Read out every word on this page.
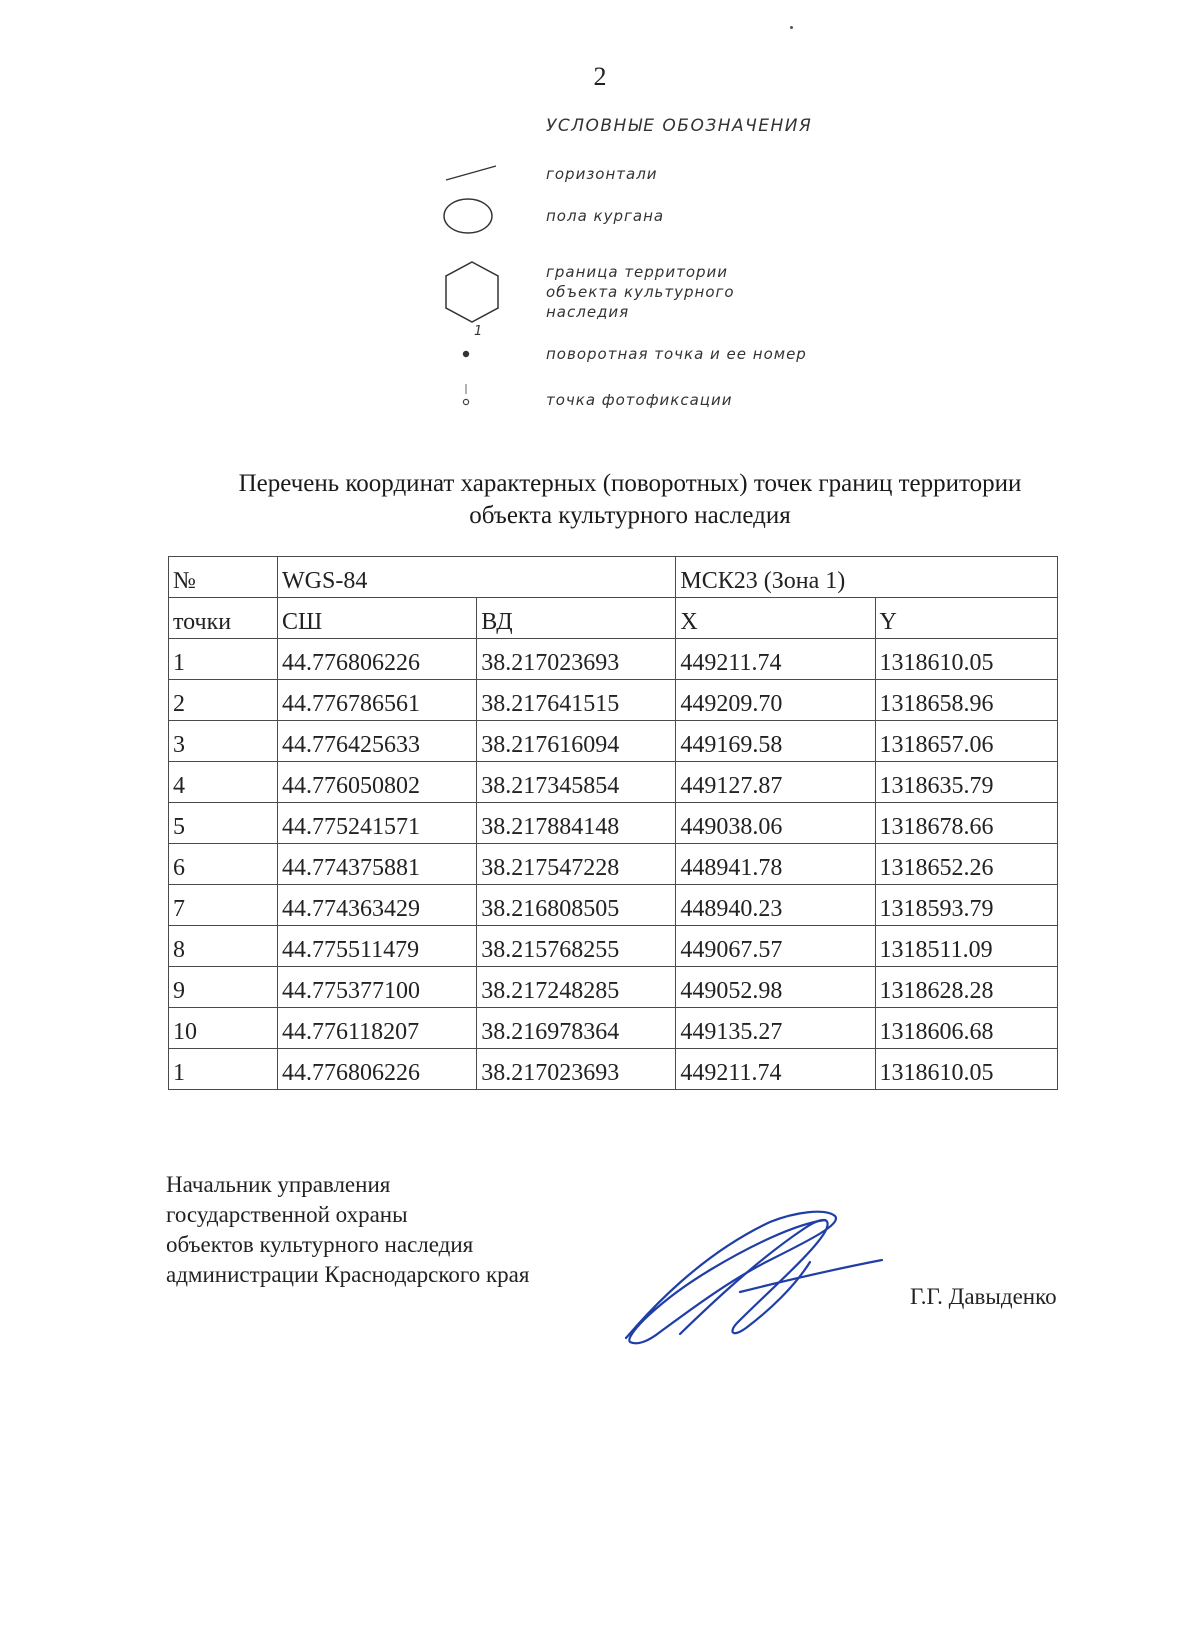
2
УСЛОВНЫЕ ОБОЗНАЧЕНИЯ
горизонтали
пола кургана
граница территории
объекта культурного
наследия
1
поворотная точка и ее номер
точка фотофиксации
Перечень координат характерных (поворотных) точек границ территории
объекта культурного наследия
№	WGS-84		МСК23 (Зона 1)	
точки	СШ	ВД	X	Y
1	44.776806226	38.217023693	449211.74	1318610.05
2	44.776786561	38.217641515	449209.70	1318658.96
3	44.776425633	38.217616094	449169.58	1318657.06
4	44.776050802	38.217345854	449127.87	1318635.79
5	44.775241571	38.217884148	449038.06	1318678.66
6	44.774375881	38.217547228	448941.78	1318652.26
7	44.774363429	38.216808505	448940.23	1318593.79
8	44.775511479	38.215768255	449067.57	1318511.09
9	44.775377100	38.217248285	449052.98	1318628.28
10	44.776118207	38.216978364	449135.27	1318606.68
1	44.776806226	38.217023693	449211.74	1318610.05
Начальник управления
государственной охраны
объектов культурного наследия
администрации Краснодарского края
Г.Г. Давыденко
